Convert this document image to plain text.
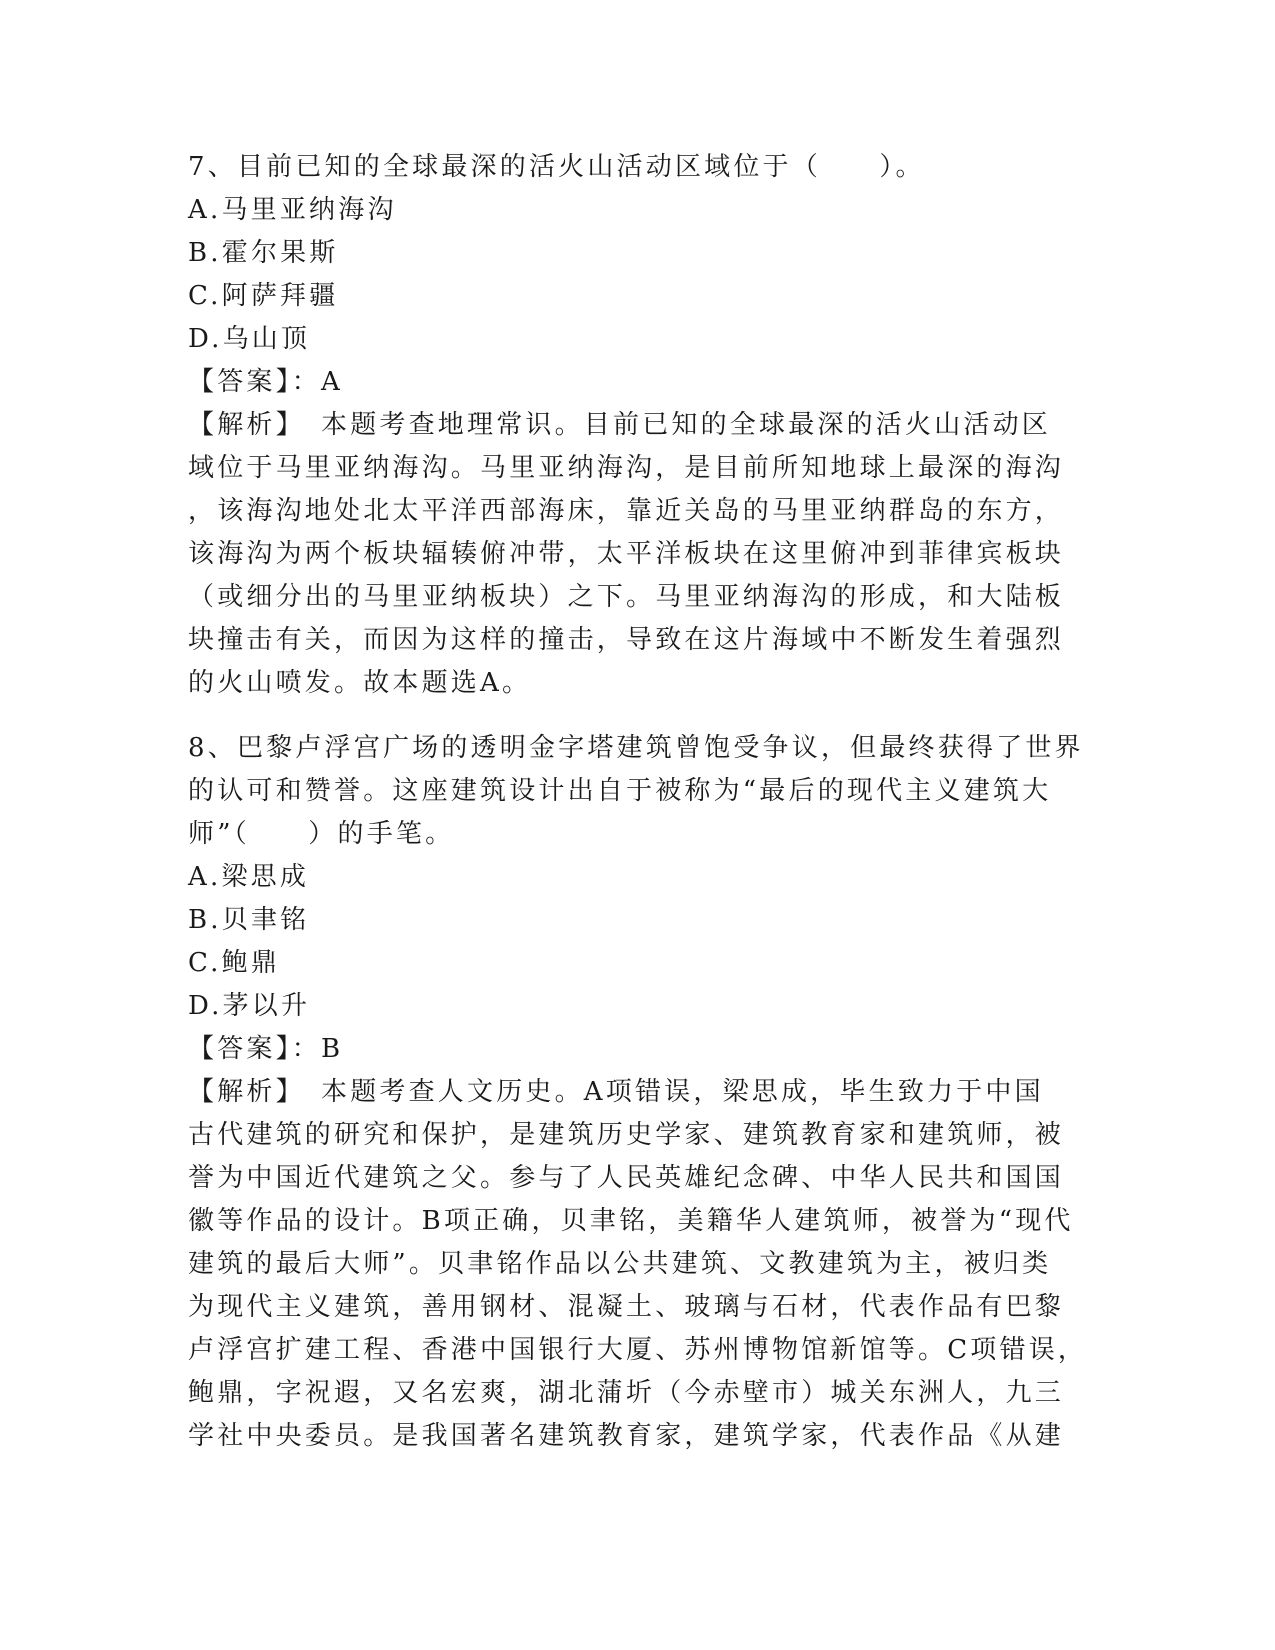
7、目前已知的全球最深的活火山活动区域位于（　　）。
A.马里亚纳海沟
B.霍尔果斯
C.阿萨拜疆
D.乌山顶
【答案】：A
【解析】　本题考查地理常识。目前已知的全球最深的活火山活动区
域位于马里亚纳海沟。马里亚纳海沟，是目前所知地球上最深的海沟
，该海沟地处北太平洋西部海床，靠近关岛的马里亚纳群岛的东方，
该海沟为两个板块辐辏俯冲带，太平洋板块在这里俯冲到菲律宾板块
（或细分出的马里亚纳板块）之下。马里亚纳海沟的形成，和大陆板
块撞击有关，而因为这样的撞击，导致在这片海域中不断发生着强烈
的火山喷发。故本题选A。
8、巴黎卢浮宫广场的透明金字塔建筑曾饱受争议，但最终获得了世界
的认可和赞誉。这座建筑设计出自于被称为“最后的现代主义建筑大
师”（　　）的手笔。
A.梁思成
B.贝聿铭
C.鲍鼎
D.茅以升
【答案】：B
【解析】　本题考查人文历史。A项错误，梁思成，毕生致力于中国
古代建筑的研究和保护，是建筑历史学家、建筑教育家和建筑师，被
誉为中国近代建筑之父。参与了人民英雄纪念碑、中华人民共和国国
徽等作品的设计。B项正确，贝聿铭，美籍华人建筑师，被誉为“现代
建筑的最后大师”。贝聿铭作品以公共建筑、文教建筑为主，被归类
为现代主义建筑，善用钢材、混凝土、玻璃与石材，代表作品有巴黎
卢浮宫扩建工程、香港中国银行大厦、苏州博物馆新馆等。C项错误，
鲍鼎，字祝遐，又名宏爽，湖北蒲圻（今赤壁市）城关东洲人，九三
学社中央委员。是我国著名建筑教育家，建筑学家，代表作品《从建
